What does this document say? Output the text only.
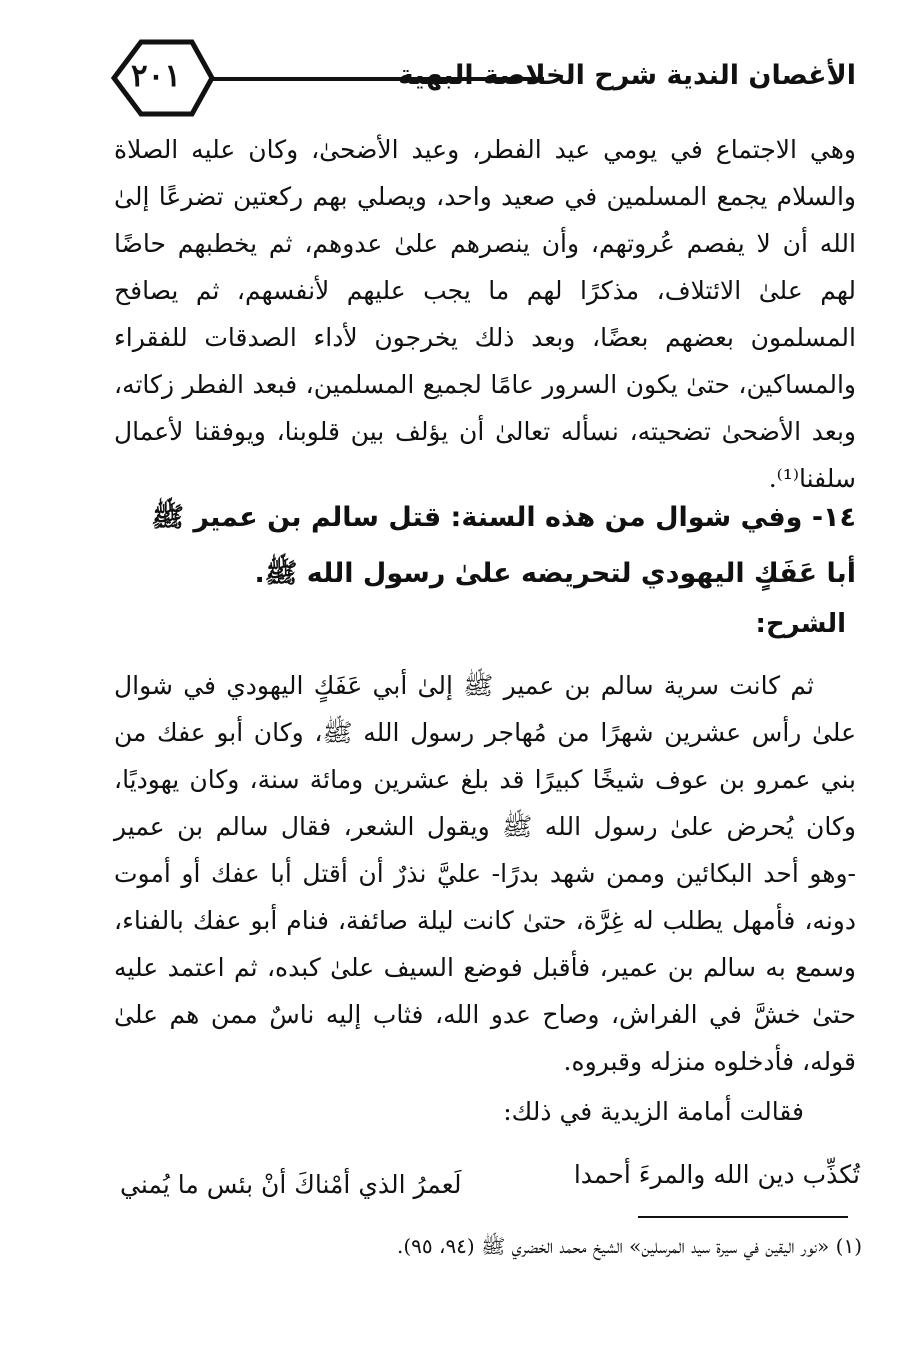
٢٠١	الأغصان الندية شرح الخلاصة البهية
وهي الاجتماع في يومي عيد الفطر، وعيد الأضحىٰ، وكان عليه الصلاة والسلام يجمع المسلمين في صعيد واحد، ويصلي بهم ركعتين تضرعًا إلىٰ الله أن لا يفصم عُروتهم، وأن ينصرهم علىٰ عدوهم، ثم يخطبهم حاضًا لهم علىٰ الائتلاف، مذكرًا لهم ما يجب عليهم لأنفسهم، ثم يصافح المسلمون بعضهم بعضًا، وبعد ذلك يخرجون لأداء الصدقات للفقراء والمساكين، حتىٰ يكون السرور عامًا لجميع المسلمين، فبعد الفطر زكاته، وبعد الأضحىٰ تضحيته، نسأله تعالىٰ أن يؤلف بين قلوبنا، ويوفقنا لأعمال سلفنا⁽¹⁾.
١٤- وفي شوال من هذه السنة: قتل سالم بن عمير ﷺ أبا عَفَكٍ اليهودي لتحريضه علىٰ رسول الله ﷺ.
الشرح:
ثم كانت سرية سالم بن عمير ﷺ إلىٰ أبي عَفَكٍ اليهودي في شوال علىٰ رأس عشرين شهرًا من مُهاجر رسول الله ﷺ، وكان أبو عفك من بني عمرو بن عوف شيخًا كبيرًا قد بلغ عشرين ومائة سنة، وكان يهوديًا، وكان يُحرض علىٰ رسول الله ﷺ ويقول الشعر، فقال سالم بن عمير -وهو أحد البكائين وممن شهد بدرًا- عليَّ نذرٌ أن أقتل أبا عفك أو أموت دونه، فأمهل يطلب له غِرَّة، حتىٰ كانت ليلة صائفة، فنام أبو عفك بالفناء، وسمع به سالم بن عمير، فأقبل فوضع السيف علىٰ كبده، ثم اعتمد عليه حتىٰ خشَّ في الفراش، وصاح عدو الله، فثاب إليه ناسٌ ممن هم علىٰ قوله، فأدخلوه منزله وقبروه.
فقالت أمامة الزيدية في ذلك:
تُكذِّب دين الله والمرءَ أحمدا
لَعمرُ الذي أمْناكَ أنْ بئس ما يُمني
(١) «نور اليقين في سيرة سيد المرسلين» الشيخ محمد الخضري ﷺ (٩٤، ٩٥).
